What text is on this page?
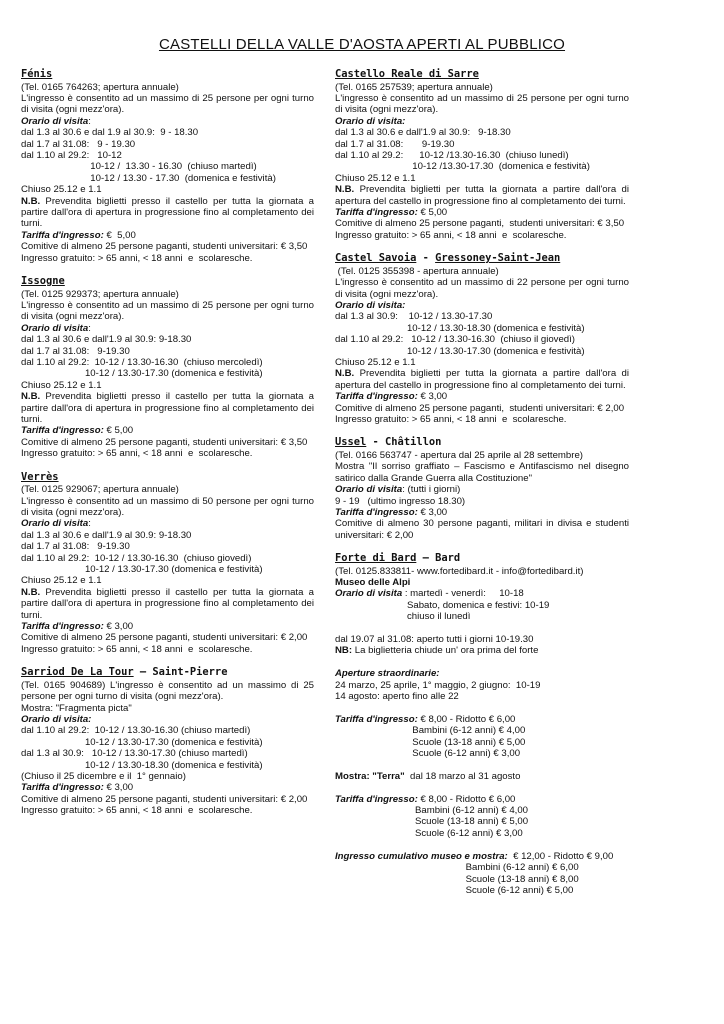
CASTELLI DELLA VALLE D'AOSTA APERTI AL PUBBLICO
Fénis
(Tel. 0165 764263; apertura annuale)
L'ingresso è consentito ad un massimo di 25 persone per ogni turno di visita (ogni mezz'ora).
Orario di visita:
dal 1.3 al 30.6 e dal 1.9 al 30.9:  9 - 18.30
dal 1.7 al 31.08:   9 - 19.30
dal 1.10 al 29.2:   10-12
10-12 /  13.30 - 16.30  (chiuso martedì)
10-12 / 13.30 - 17.30  (domenica e festività)
Chiuso 25.12 e 1.1
N.B. Prevendita biglietti presso il castello per tutta la giornata a partire dall'ora di apertura in progressione fino al completamento dei turni.
Tariffa d'ingresso: €  5,00
Comitive di almeno 25 persone paganti, studenti universitari: € 3,50
Ingresso gratuito: > 65 anni, < 18 anni  e  scolaresche.
Issogne
(Tel. 0125 929373; apertura annuale)
L'ingresso è consentito ad un massimo di 25 persone per ogni turno di visita (ogni mezz'ora).
Orario di visita:
dal 1.3 al 30.6 e dall'1.9 al 30.9: 9-18.30
dal 1.7 al 31.08:   9-19.30
dal 1.10 al 29.2:  10-12 / 13.30-16.30  (chiuso mercoledì)
10-12 / 13.30-17.30 (domenica e festività)
Chiuso 25.12 e 1.1
N.B. Prevendita biglietti presso il castello per tutta la giornata a partire dall'ora di apertura in progressione fino al completamento dei turni.
Tariffa d'ingresso: € 5,00
Comitive di almeno 25 persone paganti, studenti universitari: € 3,50
Ingresso gratuito: > 65 anni, < 18 anni  e  scolaresche.
Verrès
(Tel. 0125 929067; apertura annuale)
L'ingresso è consentito ad un massimo di 50 persone per ogni turno di visita (ogni mezz'ora).
Orario di visita:
dal 1.3 al 30.6 e dall'1.9 al 30.9: 9-18.30
dal 1.7 al 31.08:   9-19.30
dal 1.10 al 29.2:  10-12 / 13.30-16.30  (chiuso giovedì)
10-12 / 13.30-17.30 (domenica e festività)
Chiuso 25.12 e 1.1
N.B. Prevendita biglietti presso il castello per tutta la giornata a partire dall'ora di apertura in progressione fino al completamento dei turni.
Tariffa d'ingresso: € 3,00
Comitive di almeno 25 persone paganti, studenti universitari: € 2,00
Ingresso gratuito: > 65 anni, < 18 anni  e  scolaresche.
Sarriod De La Tour – Saint-Pierre
(Tel. 0165 904689) L'ingresso è consentito ad un massimo di 25 persone per ogni turno di visita (ogni mezz'ora).
Mostra: "Fragmenta picta"
Orario di visita:
dal 1.10 al 29.2:  10-12 / 13.30-16.30 (chiuso martedì)
10-12 / 13.30-17.30 (domenica e festività)
dal 1.3 al 30.9:   10-12 / 13.30-17.30 (chiuso martedì)
10-12 / 13.30-18.30 (domenica e festività)
(Chiuso il 25 dicembre e il  1° gennaio)
Tariffa d'ingresso: € 3,00
Comitive di almeno 25 persone paganti, studenti universitari: € 2,00
Ingresso gratuito: > 65 anni, < 18 anni  e  scolaresche.
Castello Reale di Sarre
(Tel. 0165 257539; apertura annuale)
L'ingresso è consentito ad un massimo di 25 persone per ogni turno di visita (ogni mezz'ora).
Orario di visita:
dal 1.3 al 30.6 e dall'1.9 al 30.9:   9-18.30
dal 1.7 al 31.08:       9-19.30
dal 1.10 al 29.2:      10-12 /13.30-16.30  (chiuso lunedì)
10-12 /13.30-17.30  (domenica e festività)
Chiuso 25.12 e 1.1
N.B. Prevendita biglietti per tutta la giornata a partire dall'ora di apertura del castello in progressione fino al completamento dei turni.
Tariffa d'ingresso: € 5,00
Comitive di almeno 25 persone paganti,  studenti universitari: € 3,50
Ingresso gratuito: > 65 anni, < 18 anni  e  scolaresche.
Castel Savoia - Gressoney-Saint-Jean
(Tel. 0125 355398 - apertura annuale)
L'ingresso è consentito ad un massimo di 22 persone per ogni turno di visita (ogni mezz'ora).
Orario di visita:
dal 1.3 al 30.9:    10-12 / 13.30-17.30
10-12 / 13.30-18.30 (domenica e festività)
dal 1.10 al 29.2:   10-12 / 13.30-16.30  (chiuso il giovedì)
10-12 / 13.30-17.30 (domenica e festività)
Chiuso 25.12 e 1.1
N.B. Prevendita biglietti per tutta la giornata a partire dall'ora di apertura del castello in progressione fino al completamento dei turni.
Tariffa d'ingresso: € 3,00
Comitive di almeno 25 persone paganti,  studenti universitari: € 2,00
Ingresso gratuito: > 65 anni, < 18 anni  e  scolaresche.
Ussel - Châtillon
(Tel. 0166 563747 - apertura dal 25 aprile al 28 settembre)
Mostra "Il sorriso graffiato – Fascismo e Antifascismo nel disegno satirico dalla Grande Guerra alla Costituzione"
Orario di visita: (tutti i giorni)
9 - 19   (ultimo ingresso 18.30)
Tariffa d'ingresso: € 3,00
Comitive di almeno 30 persone paganti, militari in divisa e studenti universitari: € 2,00
Forte di Bard – Bard
(Tel. 0125.833811- www.fortedibard.it - info@fortedibard.it)
Museo delle Alpi
Orario di visita : martedì - venerdì:     10-18
Sabato, domenica e festivi: 10-19
chiuso il lunedì
dal 19.07 al 31.08: aperto tutti i giorni 10-19.30
NB: La biglietteria chiude un' ora prima del forte
Aperture straordinarie:
24 marzo, 25 aprile, 1° maggio, 2 giugno:  10-19
14 agosto: aperto fino alle 22
Tariffa d'ingresso: € 8,00 - Ridotto € 6,00
Bambini (6-12 anni) € 4,00
Scuole (13-18 anni) € 5,00
Scuole (6-12 anni) € 3,00
Mostra: "Terra"  dal 18 marzo al 31 agosto
Tariffa d'ingresso: € 8,00 - Ridotto € 6,00
Bambini (6-12 anni) € 4,00
Scuole (13-18 anni) € 5,00
Scuole (6-12 anni) € 3,00
Ingresso cumulativo museo e mostra:  € 12,00 - Ridotto € 9,00
Bambini (6-12 anni) € 6,00
Scuole (13-18 anni) € 8,00
Scuole (6-12 anni) € 5,00
